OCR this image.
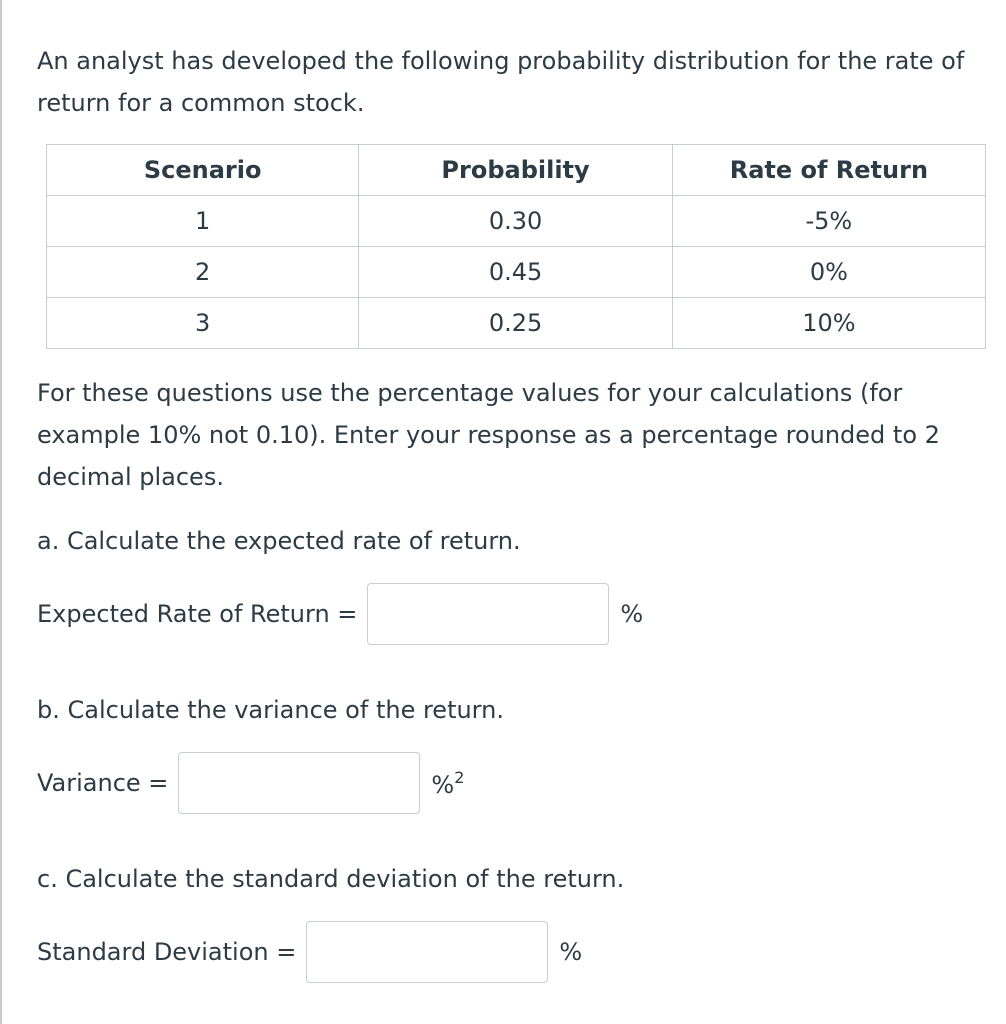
An analyst has developed the following probability distribution for the rate of return for a common stock.

For these questions use the percentage values for your calculations (for example 10% not 0.10). Enter your response as a percentage rounded to 2 decimal places.

a. Calculate the expected rate of return.

Expected Rate of Return =	%

b. Calculate the variance of the return.

Variance =	%$^2$

c. Calculate the standard deviation of the return.

Standard Deviation =	%
Scenario	Probability	Rate of Return
1	0.30	-5%
2	0.45	0%
3	0.25	10%
